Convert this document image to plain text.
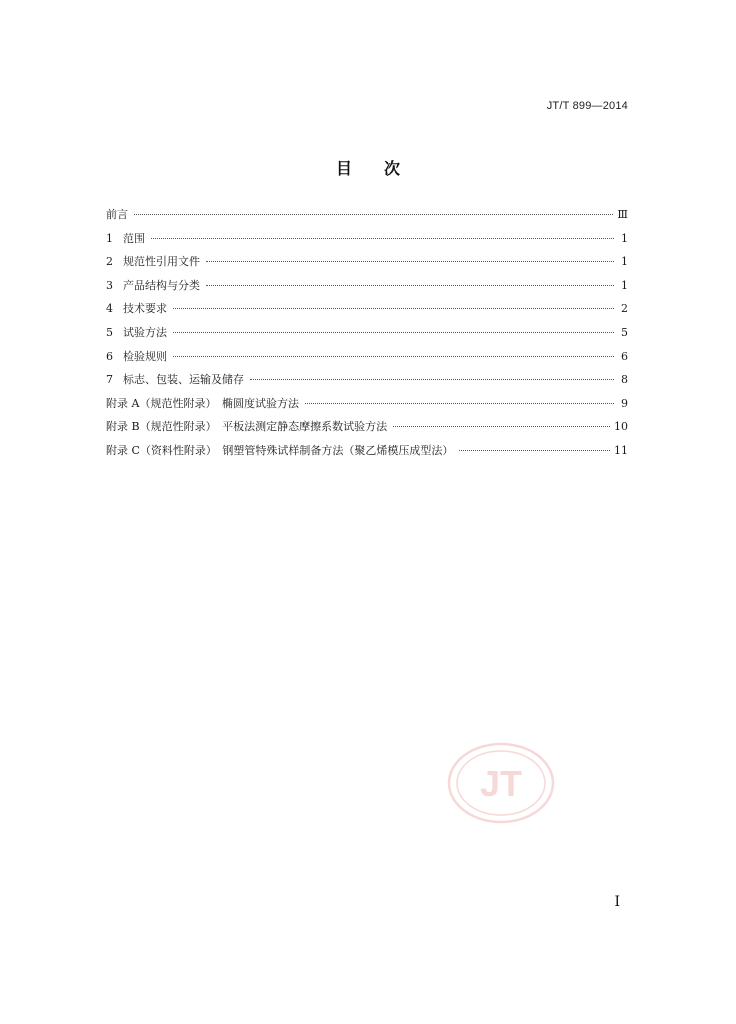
JT/T 899—2014
目　　次
前言	Ⅲ
1 范围	1
2 规范性引用文件	1
3 产品结构与分类	1
4 技术要求	2
5 试验方法	5
6 检验规则	6
7 标志、包装、运输及储存	8
附录 A（规范性附录）　椭圆度试验方法	9
附录 B（规范性附录）　平板法测定静态摩擦系数试验方法	10
附录 C（资料性附录）　钢塑管特殊试样制备方法（聚乙烯模压成型法）	11
JT
I
